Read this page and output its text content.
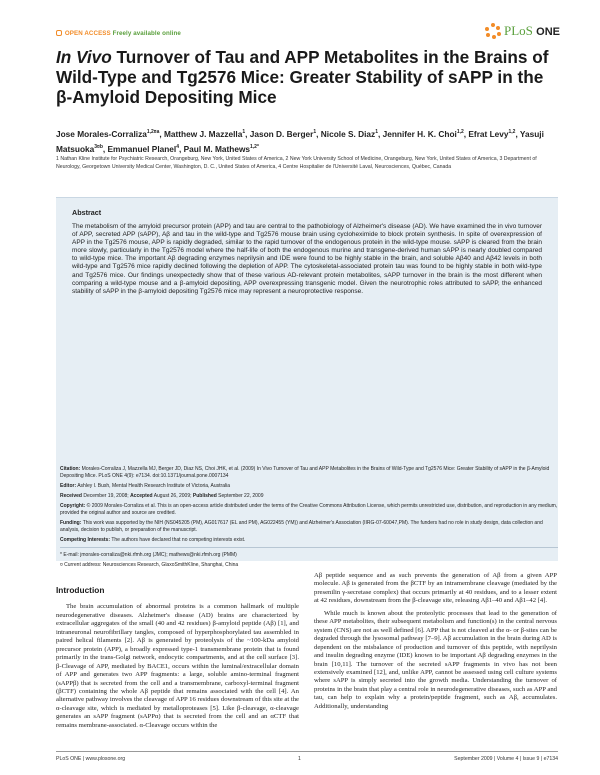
OPEN ACCESS Freely available online	PLoS ONE
In Vivo Turnover of Tau and APP Metabolites in the Brains of Wild-Type and Tg2576 Mice: Greater Stability of sAPP in the β-Amyloid Depositing Mice
Jose Morales-Corraliza$^{1,2¤a}$, Matthew J. Mazzella$^1$, Jason D. Berger$^1$, Nicole S. Diaz$^1$, Jennifer H. K. Choi$^{1,2}$, Efrat Levy$^{1,2}$, Yasuji Matsuoka$^{3¤b}$, Emmanuel Planel$^4$, Paul M. Mathews$^{1,2*}$
1 Nathan Kline Institute for Psychiatric Research, Orangeburg, New York, United States of America, 2 New York University School of Medicine, Orangeburg, New York, United States of America, 3 Department of Neurology, Georgetown University Medical Center, Washington, D. C., United States of America, 4 Centre Hospitalier de l'Université Laval, Neurosciences, Québec, Canada
Abstract
The metabolism of the amyloid precursor protein (APP) and tau are central to the pathobiology of Alzheimer's disease (AD). We have examined the in vivo turnover of APP, secreted APP (sAPP), Aβ and tau in the wild-type and Tg2576 mouse brain using cycloheximide to block protein synthesis. In spite of overexpression of APP in the Tg2576 mouse, APP is rapidly degraded, similar to the rapid turnover of the endogenous protein in the wild-type mouse. sAPP is cleared from the brain more slowly, particularly in the Tg2576 model where the half-life of both the endogenous murine and transgene-derived human sAPP is nearly doubled compared to wild-type mice. The important Aβ degrading enzymes neprilysin and IDE were found to be highly stable in the brain, and soluble Aβ40 and Aβ42 levels in both wild-type and Tg2576 mice rapidly declined following the depletion of APP. The cytoskeletal-associated protein tau was found to be highly stable in both wild-type and Tg2576 mice. Our findings unexpectedly show that of these various AD-relevant protein metabolites, sAPP turnover in the brain is the most different when comparing a wild-type mouse and a β-amyloid depositing, APP overexpressing transgenic model. Given the neurotrophic roles attributed to sAPP, the enhanced stability of sAPP in the β-amyloid depositing Tg2576 mice may represent a neuroprotective response.

Citation: Morales-Corraliza J, Mazzella MJ, Berger JD, Diaz NS, Choi JHK, et al. (2009) In Vivo Turnover of Tau and APP Metabolites in the Brains of Wild-Type and Tg2576 Mice: Greater Stability of sAPP in the β-Amyloid Depositing Mice. PLoS ONE 4(9): e7134. doi:10.1371/journal.pone.0007134

Editor: Ashley I. Bush, Mental Health Research Institute of Victoria, Australia

Received December 19, 2008; Accepted August 26, 2009; Published September 22, 2009

Copyright: © 2009 Morales-Corraliza et al. This is an open-access article distributed under the terms of the Creative Commons Attribution License, which permits unrestricted use, distribution, and reproduction in any medium, provided the original author and source are credited.

Funding: This work was supported by the NIH (NS045205 (PM), AG017617 (EL and PM), AG022455 (YM)) and Alzheimer's Association (IIRG-07-60047,PM). The funders had no role in study design, data collection and analysis, decision to publish, or preparation of the manuscript.

Competing Interests: The authors have declared that no competing interests exist.

* E-mail: jmorales-corraliza@nki.rfmh.org (JMC); mathews@nki.rfmh.org (PMM)

¤ Current address: Neurosciences Research, GlaxoSmithKline, Shanghai, China

Introduction

The brain accumulation of abnormal proteins is a common hallmark of multiple neurodegenerative diseases. Alzheimer's disease (AD) brains are characterized by extracellular aggregates of the small (40 and 42 residues) β-amyloid peptide (Aβ) [1], and intraneuronal neurofibrillary tangles, composed of hyperphosphorylated tau assembled in paired helical filaments [2]. Aβ is generated by proteolysis of the ~100-kDa amyloid precursor protein (APP), a broadly expressed type-1 transmembrane protein that is found primarily in the trans-Golgi network, endocytic compartments, and at the cell surface [3]. β-Cleavage of APP, mediated by BACE1, occurs within the luminal/extracellular domain of APP and generates two APP fragments: a large, soluble amino-terminal fragment (sAPPβ) that is secreted from the cell and a transmembrane, carboxyl-terminal fragment (βCTF) containing the whole Aβ peptide that remains associated with the cell [4]. An alternative pathway involves the cleavage of APP 16 residues downstream of this site at the α-cleavage site, which is mediated by metalloproteases [5]. Like β-cleavage, α-cleavage generates an sAPP fragment (sAPPα) that is secreted from the cell and an αCTF that remains membrane-associated. α-Cleavage occurs within the

Aβ peptide sequence and as such prevents the generation of Aβ from a given APP molecule. Aβ is generated from the βCTF by an intramembrane cleavage (mediated by the presenilin γ-secretase complex) that occurs primarily at 40 residues, and to a lesser extent at 42 residues, downstream from the β-cleavage site, releasing Aβ1–40 and Aβ1–42 [4].

While much is known about the proteolytic processes that lead to the generation of these APP metabolites, their subsequent metabolism and function(s) in the central nervous system (CNS) are not as well defined [6]. APP that is not cleaved at the α- or β-sites can be degraded through the lysosomal pathway [7–9]. Aβ accumulation in the brain during AD is dependent on the misbalance of production and turnover of this peptide, with neprilysin and insulin degrading enzyme (IDE) known to be important Aβ degrading enzymes in the brain [10,11]. The turnover of the secreted sAPP fragments in vivo has not been extensively examined [12], and, unlike APP, cannot be assessed using cell culture systems where sAPP is simply secreted into the growth media. Understanding the turnover of proteins in the brain that play a central role in neurodegenerative diseases, such as APP and tau, can help to explain why a protein/peptide fragment, such as Aβ, accumulates. Additionally, understanding

PLoS ONE | www.plosone.org	1	September 2009 | Volume 4 | Issue 9 | e7134
